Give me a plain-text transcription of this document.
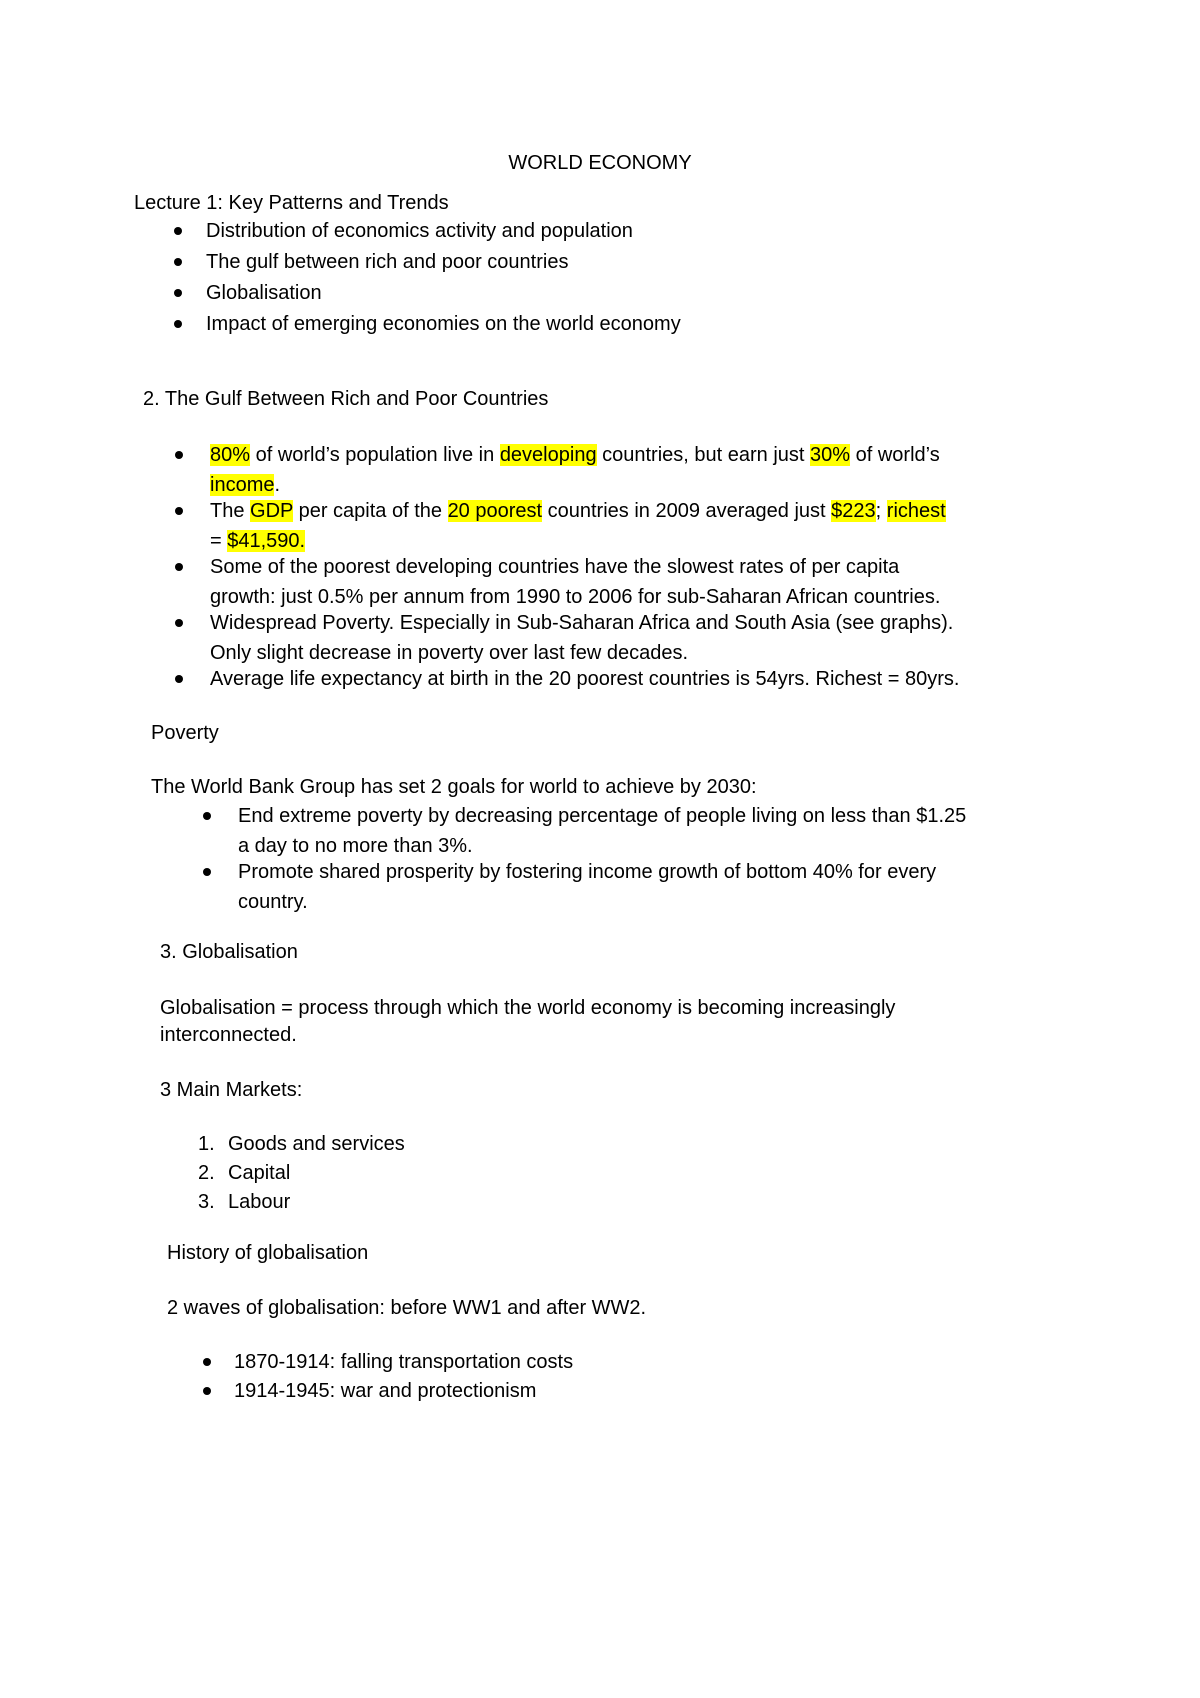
WORLD ECONOMY
Lecture 1: Key Patterns and Trends
Distribution of economics activity and population
The gulf between rich and poor countries
Globalisation
Impact of emerging economies on the world economy
2. The Gulf Between Rich and Poor Countries
80% of world’s population live in developing countries, but earn just 30% of world’s
income.
The GDP per capita of the 20 poorest countries in 2009 averaged just $223; richest
= $41,590.
Some of the poorest developing countries have the slowest rates of per capita
growth: just 0.5% per annum from 1990 to 2006 for sub-Saharan African countries.
Widespread Poverty. Especially in Sub-Saharan Africa and South Asia (see graphs).
Only slight decrease in poverty over last few decades.
Average life expectancy at birth in the 20 poorest countries is 54yrs. Richest = 80yrs.
Poverty
The World Bank Group has set 2 goals for world to achieve by 2030:
End extreme poverty by decreasing percentage of people living on less than $1.25
a day to no more than 3%.
Promote shared prosperity by fostering income growth of bottom 40% for every
country.
3. Globalisation
Globalisation = process through which the world economy is becoming increasingly
interconnected.
3 Main Markets:
1. Goods and services
2. Capital
3. Labour
History of globalisation
2 waves of globalisation: before WW1 and after WW2.
1870-1914: falling transportation costs
1914-1945: war and protectionism
